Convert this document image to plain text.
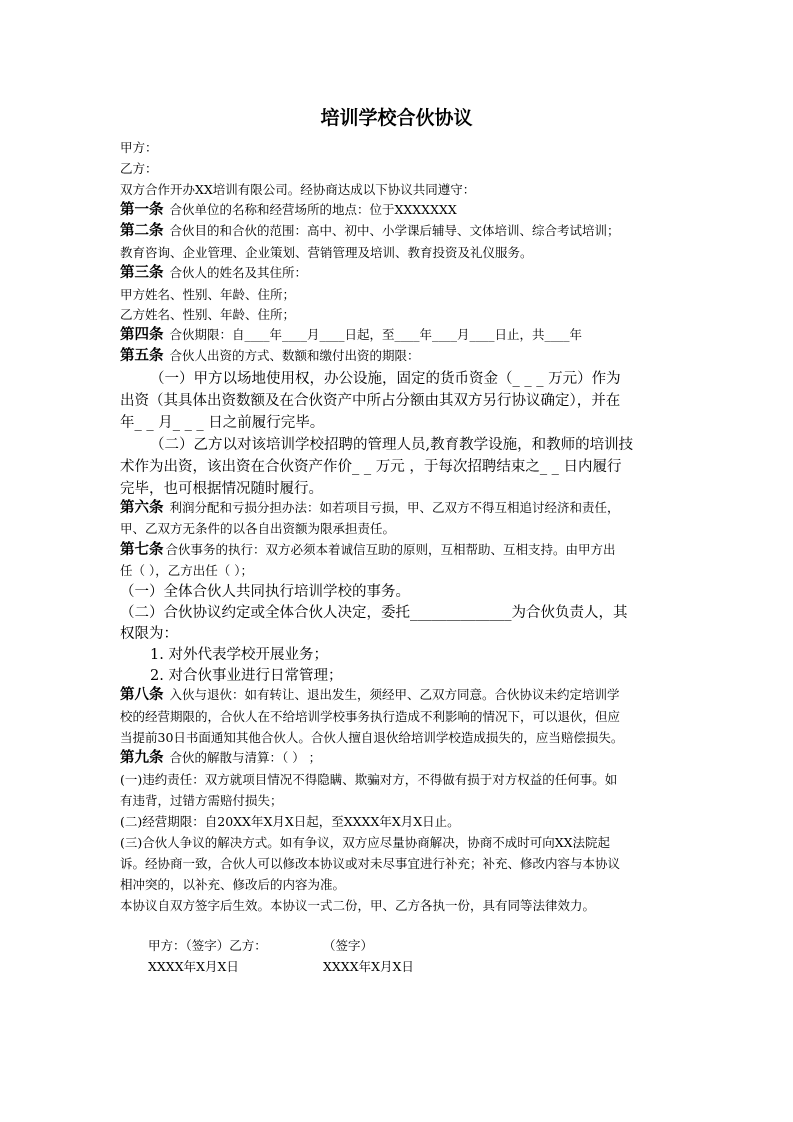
培训学校合伙协议
甲方：
乙方：
双方合作开办XX培训有限公司。经协商达成以下协议共同遵守：
第一条 合伙单位的名称和经营场所的地点：位于XXXXXXX
第二条 合伙目的和合伙的范围：高中、初中、小学课后辅导、文体培训、综合考试培训；
教育咨询、企业管理、企业策划、营销管理及培训、教育投资及礼仪服务。
第三条 合伙人的姓名及其住所：
甲方姓名、性别、年龄、住所；
乙方姓名、性别、年龄、住所；
第四条 合伙期限：自____年____月____日起，至____年____月____日止，共____年
第五条 合伙人出资的方式、数额和缴付出资的期限：
（一）甲方以场地使用权，办公设施，固定的货币资金（_ _ _ 万元）作为
出资（其具体出资数额及在合伙资产中所占分额由其双方另行协议确定），并在
年_ _ 月_ _ _ 日之前履行完毕。
（二）乙方以对该培训学校招聘的管理人员,教育教学设施，和教师的培训技
术作为出资，该出资在合伙资产作价_ _ 万元 ，于每次招聘结束之_ _ 日内履行
完毕，也可根据情况随时履行。
第六条 利润分配和亏损分担办法：如若项目亏损，甲、乙双方不得互相追讨经济和责任，
甲、乙双方无条件的以各自出资额为限承担责任。
第七条 合伙事务的执行：双方必须本着诚信互助的原则，互相帮助、互相支持。由甲方出
任（ ），乙方出任（ ）；
（一）全体合伙人共同执行培训学校的事务。
（二）合伙协议约定或全体合伙人决定，委托______________为合伙负责人，其
权限为：
1. 对外代表学校开展业务；
2. 对合伙事业进行日常管理；
第八条 入伙与退伙：如有转让、退出发生，须经甲、乙双方同意。合伙协议未约定培训学
校的经营期限的，合伙人在不给培训学校事务执行造成不利影响的情况下，可以退伙，但应
当提前30日书面通知其他合伙人。合伙人擅自退伙给培训学校造成损失的，应当赔偿损失。
第九条 合伙的解散与清算：（ ） ；
(一)违约责任：双方就项目情况不得隐瞒、欺骗对方，不得做有损于对方权益的任何事。如
有违背，过错方需赔付损失；
(二)经营期限：自20XX年X月X日起，至XXXX年X月X日止。
(三)合伙人争议的解决方式。如有争议，双方应尽量协商解决，协商不成时可向XX法院起
诉。经协商一致，合伙人可以修改本协议或对未尽事宜进行补充；补充、修改内容与本协议
相冲突的，以补充、修改后的内容为准。
本协议自双方签字后生效。本协议一式二份，甲、乙方各执一份，具有同等法律效力。
甲方：（签字）乙方：	（签字）
XXXX年X月X日	XXXX年X月X日
